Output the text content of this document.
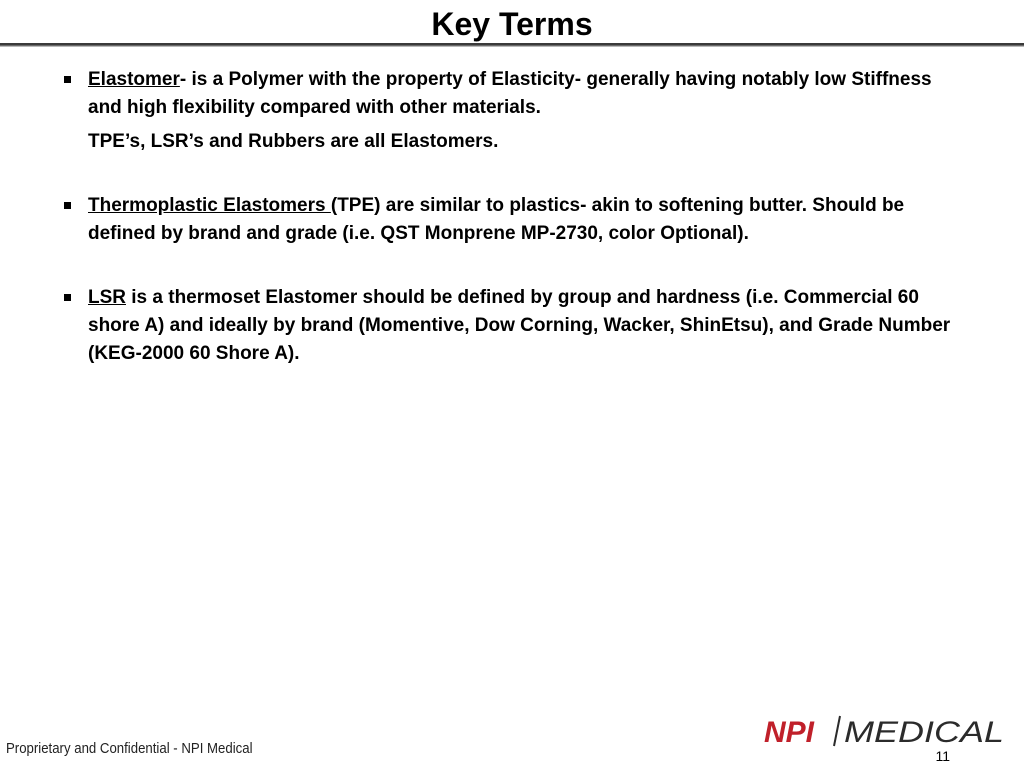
Key Terms
Elastomer- is a Polymer with the property of Elasticity- generally having notably low Stiffness and high flexibility compared with other materials.
TPE’s, LSR’s and Rubbers are all Elastomers.
Thermoplastic Elastomers (TPE) are similar to plastics- akin to softening butter. Should be defined by brand and grade (i.e. QST Monprene MP-2730, color Optional).
LSR is a thermoset Elastomer should be defined by group and hardness (i.e. Commercial 60 shore A) and ideally by brand (Momentive, Dow Corning, Wacker, ShinEtsu), and Grade Number (KEG-2000 60 Shore A).
Proprietary and Confidential - NPI Medical	NPI MEDICAL
11
